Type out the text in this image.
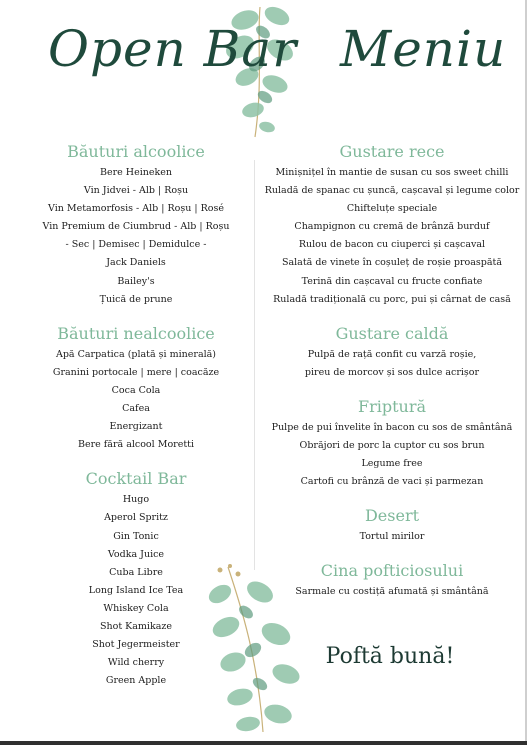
Open Bar Meniu
Băuturi alcoolice
Bere Heineken
Vin Jidvei - Alb | Roșu
Vin Metamorfosis - Alb | Roșu | Rosé
Vin Premium de Ciumbrud - Alb | Roșu
- Sec | Demisec | Demidulce -
Jack Daniels
Bailey's
Țuică de prune
Băuturi nealcoolice
Apă Carpatica (plată și minerală)
Granini portocale | mere | coacăze
Coca Cola
Cafea
Energizant
Bere fără alcool Moretti
Cocktail Bar
Hugo
Aperol Spritz
Gin Tonic
Vodka Juice
Cuba Libre
Long Island Ice Tea
Whiskey Cola
Shot Kamikaze
Shot Jegermeister
Wild cherry
Green Apple
Gustare rece
Minișnițel în mantie de susan cu sos sweet chilli
Ruladă de spanac cu șuncă, cașcaval și legume color
Chifteluțe speciale
Champignon cu cremă de brânză burduf
Rulou de bacon cu ciuperci și cașcaval
Salată de vinete în coșuleț de roșie proaspătă
Terină din cașcaval cu fructe confiate
Ruladă tradițională cu porc, pui și cârnat de casă
Gustare caldă
Pulpă de rață confit cu varză roșie,
pireu de morcov și sos dulce acrișor
Friptură
Pulpe de pui învelite în bacon cu sos de smântână
Obrăjori de porc la cuptor cu sos brun
Legume free
Cartofi cu brânză de vaci și parmezan
Desert
Tortul mirilor
Cina pofticiosului
Sarmale cu costiță afumată și smântână
Poftă bună!
